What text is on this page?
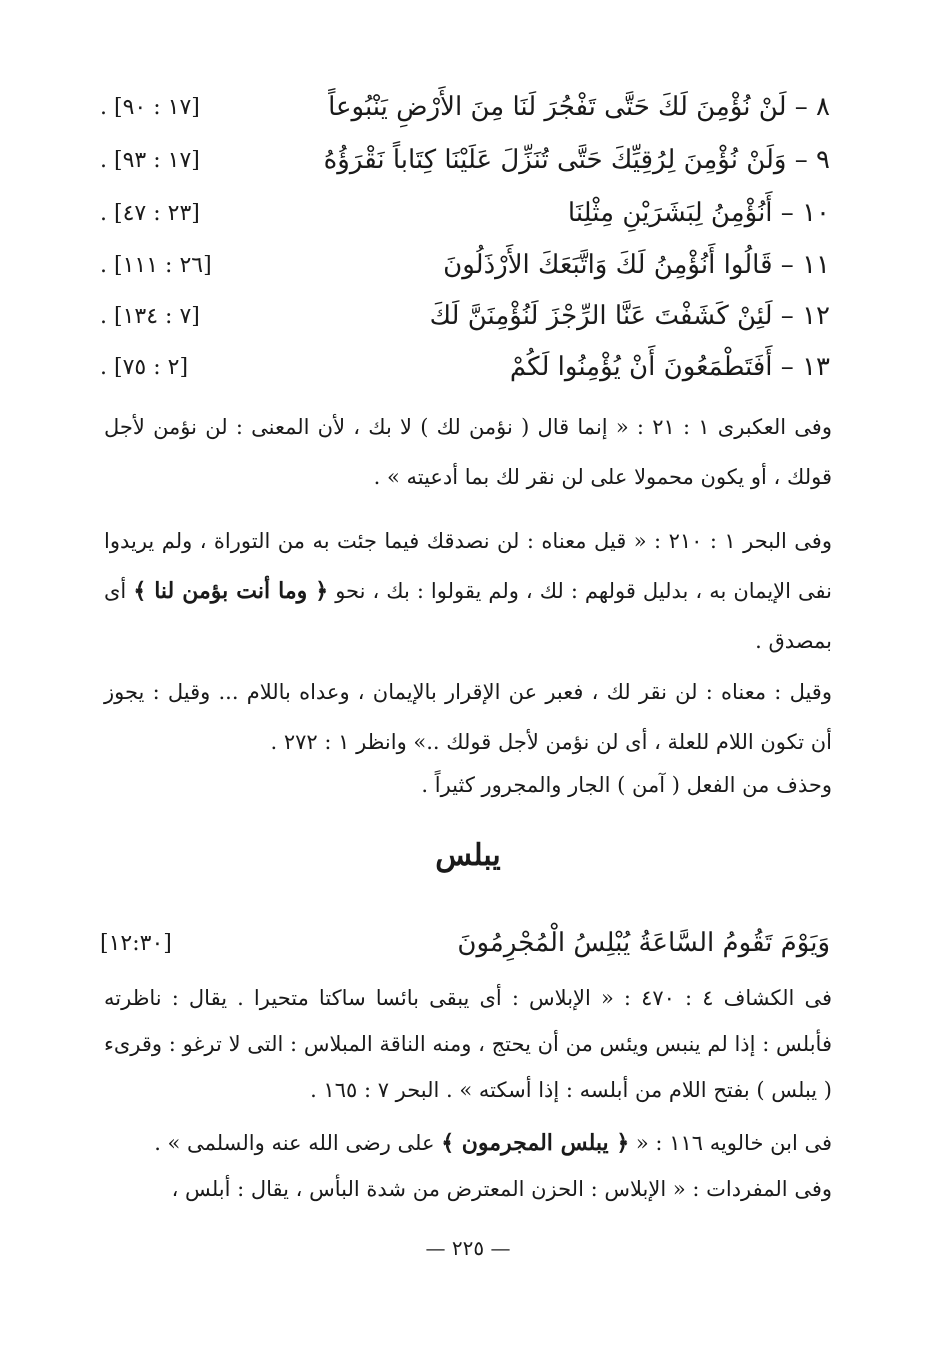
٨ – لَنْ نُؤْمِنَ لَكَ حَتَّى تَفْجُرَ لَنَا مِنَ الأَرْضِ يَنْبُوعاً
[١٧ : ٩٠] .
٩ – وَلَنْ نُؤْمِنَ لِرُقِيِّكَ حَتَّى تُنَزِّلَ عَلَيْنَا كِتَاباً نَقْرَؤُهُ
[١٧ : ٩٣] .
١٠ – أَنُؤْمِنُ لِبَشَرَيْنِ مِثْلِنَا
[٢٣ : ٤٧] .
١١ – قَالُوا أَنُؤْمِنُ لَكَ وَاتَّبَعَكَ الأَرْذَلُونَ
[٢٦ : ١١١] .
١٢ – لَئِنْ كَشَفْتَ عَنَّا الرِّجْزَ لَنُؤْمِنَنَّ لَكَ
[٧ : ١٣٤] .
١٣ – أَفَتَطْمَعُونَ أَنْ يُؤْمِنُوا لَكُمْ
[٢ : ٧٥] .

وفى العكبرى ١ : ٢١ : « إنما قال ( نؤمن لك ) لا بك ، لأن المعنى : لن نؤمن لأجل قولك ، أو يكون محمولا على لن نقر لك بما أدعيته » .

وفى البحر ١ : ٢١٠ : « قيل معناه : لن نصدقك فيما جئت به من التوراة ، ولم يريدوا نفى الإيمان به ، بدليل قولهم : لك ، ولم يقولوا : بك ، نحو ﴿ وما أنت بؤمن لنا ﴾ أى بمصدق .

وقيل : معناه : لن نقر لك ، فعبر عن الإقرار بالإيمان ، وعداه باللام ... وقيل : يجوز أن تكون اللام للعلة ، أى لن نؤمن لأجل قولك ..» وانظر ١ : ٢٧٢ .

وحذف من الفعل ( آمن ) الجار والمجرور كثيراً .

يبلس
وَيَوْمَ تَقُومُ السَّاعَةُ يُبْلِسُ الْمُجْرِمُونَ
[١٢:٣٠]

فى الكشاف ٤ : ٤٧٠ : « الإبلاس : أى يبقى بائسا ساكتا متحيرا . يقال : ناظرته فأبلس : إذا لم ينبس ويئس من أن يحتج ، ومنه الناقة المبلاس : التى لا ترغو : وقرىء ( يبلس ) بفتح اللام من أبلسه : إذا أسكته » . البحر ٧ : ١٦٥ .

فى ابن خالويه ١١٦ : « ﴿ يبلس المجرمون ﴾ على رضى الله عنه والسلمى » .

وفى المفردات : « الإبلاس : الحزن المعترض من شدة البأس ، يقال : أبلس ،

— ٢٢٥ —
